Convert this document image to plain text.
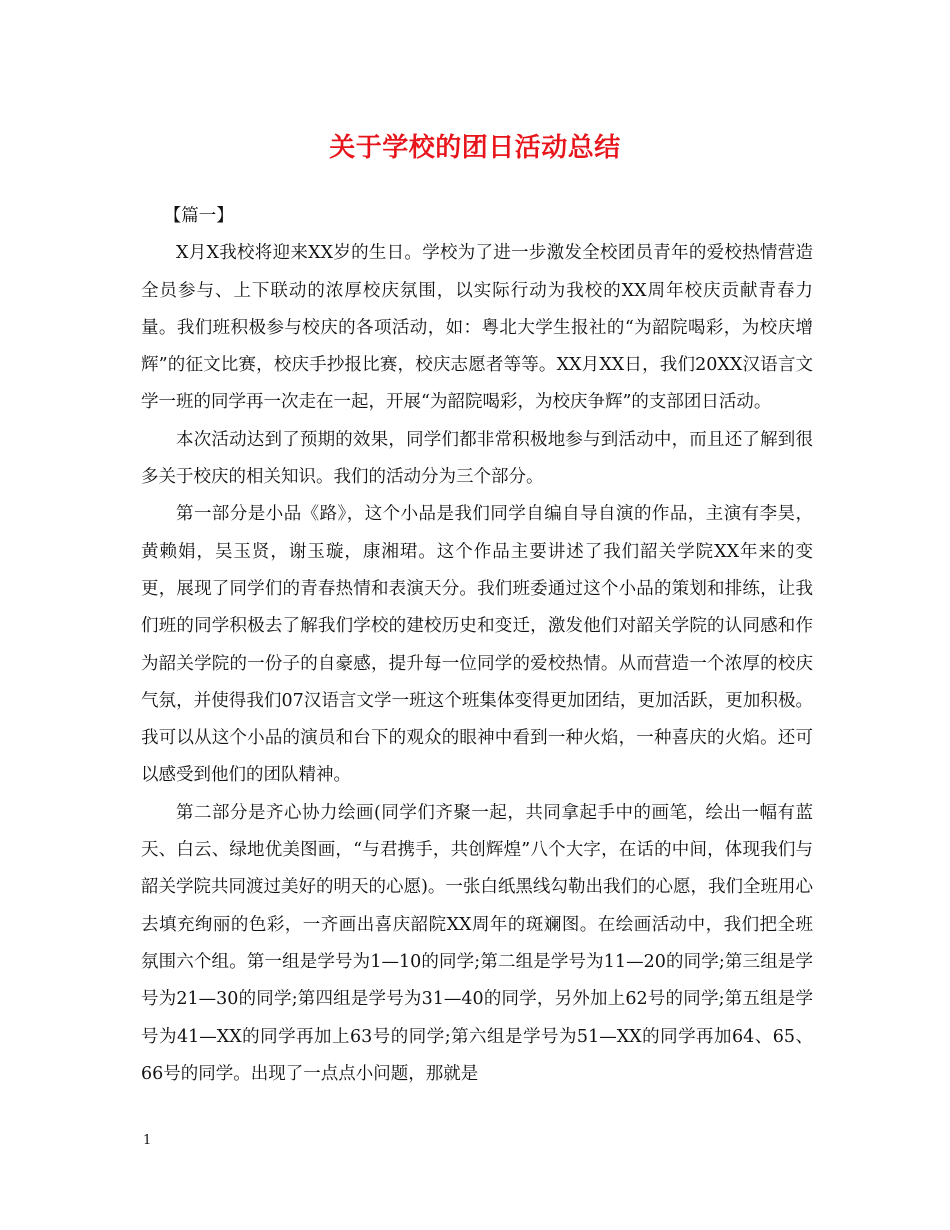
关于学校的团日活动总结

【篇一】

X月X我校将迎来XX岁的生日。学校为了进一步激发全校团员青年的爱校热情营造全员参与、上下联动的浓厚校庆氛围，以实际行动为我校的XX周年校庆贡献青春力量。我们班积极参与校庆的各项活动，如：粤北大学生报社的“为韶院喝彩，为校庆增辉”的征文比赛，校庆手抄报比赛，校庆志愿者等等。XX月XX日，我们20XX汉语言文学一班的同学再一次走在一起，开展“为韶院喝彩，为校庆争辉”的支部团日活动。

本次活动达到了预期的效果，同学们都非常积极地参与到活动中，而且还了解到很多关于校庆的相关知识。我们的活动分为三个部分。

第一部分是小品《路》，这个小品是我们同学自编自导自演的作品，主演有李昊，黄赖娟，吴玉贤，谢玉璇，康湘珺。这个作品主要讲述了我们韶关学院XX年来的变更，展现了同学们的青春热情和表演天分。我们班委通过这个小品的策划和排练，让我们班的同学积极去了解我们学校的建校历史和变迁，激发他们对韶关学院的认同感和作为韶关学院的一份子的自豪感，提升每一位同学的爱校热情。从而营造一个浓厚的校庆气氛，并使得我们07汉语言文学一班这个班集体变得更加团结，更加活跃，更加积极。我可以从这个小品的演员和台下的观众的眼神中看到一种火焰，一种喜庆的火焰。还可以感受到他们的团队精神。

第二部分是齐心协力绘画(同学们齐聚一起，共同拿起手中的画笔，绘出一幅有蓝天、白云、绿地优美图画，“与君携手，共创辉煌”八个大字，在话的中间，体现我们与韶关学院共同渡过美好的明天的心愿)。一张白纸黑线勾勒出我们的心愿，我们全班用心去填充绚丽的色彩，一齐画出喜庆韶院XX周年的斑斓图。在绘画活动中，我们把全班氛围六个组。第一组是学号为1—10的同学;第二组是学号为11—20的同学;第三组是学号为21—30的同学;第四组是学号为31—40的同学，另外加上62号的同学;第五组是学号为41—XX的同学再加上63号的同学;第六组是学号为51—XX的同学再加64、65、66号的同学。出现了一点点小问题，那就是

1
